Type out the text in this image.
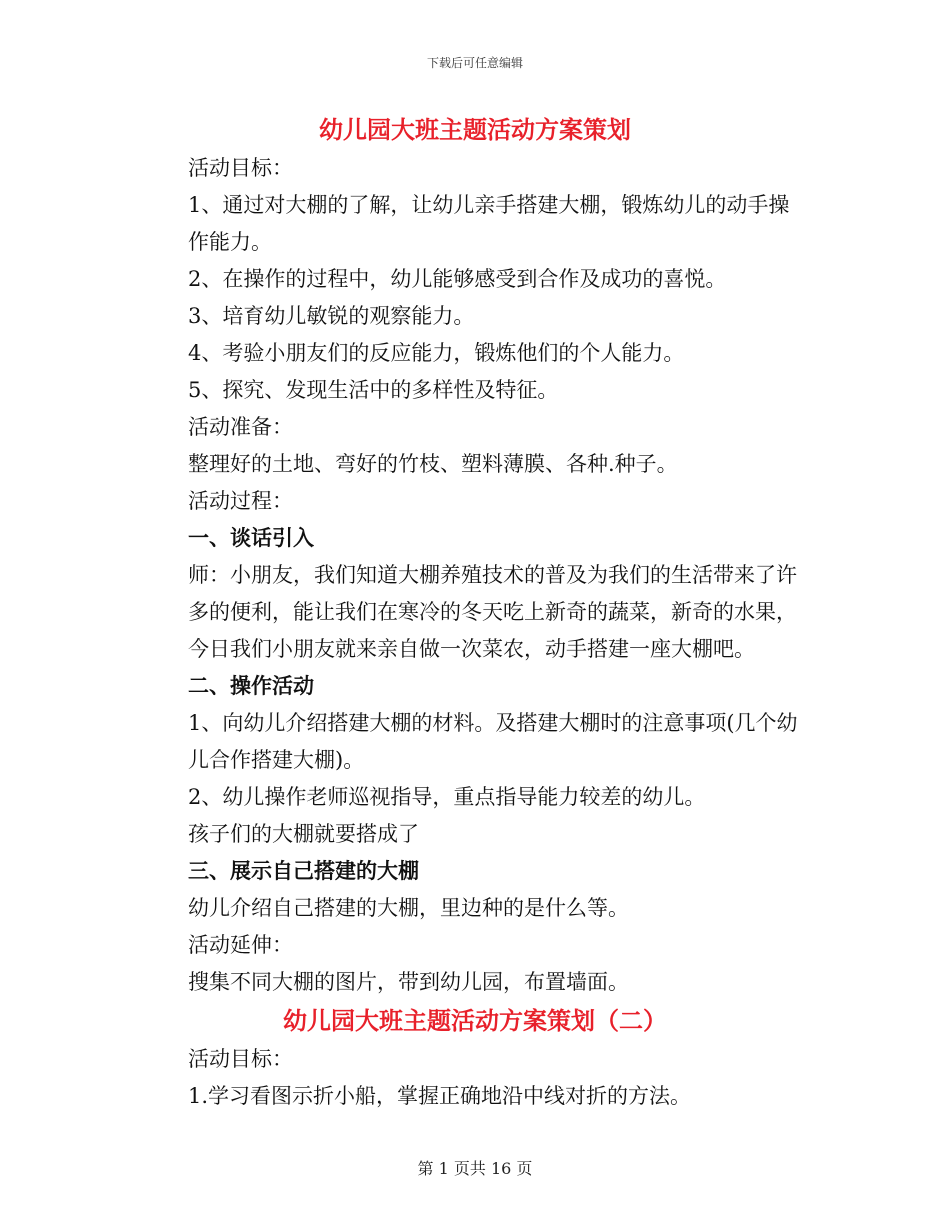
下载后可任意编辑
幼儿园大班主题活动方案策划

活动目标：

1、通过对大棚的了解，让幼儿亲手搭建大棚，锻炼幼儿的动手操作能力。

2、在操作的过程中，幼儿能够感受到合作及成功的喜悦。

3、培育幼儿敏锐的观察能力。

4、考验小朋友们的反应能力，锻炼他们的个人能力。

5、探究、发现生活中的多样性及特征。

活动准备：

整理好的土地、弯好的竹枝、塑料薄膜、各种.种子。

活动过程：

一、谈话引入

师：小朋友，我们知道大棚养殖技术的普及为我们的生活带来了许多的便利，能让我们在寒冷的冬天吃上新奇的蔬菜，新奇的水果，今日我们小朋友就来亲自做一次菜农，动手搭建一座大棚吧。

二、操作活动

1、向幼儿介绍搭建大棚的材料。及搭建大棚时的注意事项(几个幼儿合作搭建大棚)。

2、幼儿操作老师巡视指导，重点指导能力较差的幼儿。

孩子们的大棚就要搭成了

三、展示自己搭建的大棚

幼儿介绍自己搭建的大棚，里边种的是什么等。

活动延伸：

搜集不同大棚的图片，带到幼儿园，布置墙面。

幼儿园大班主题活动方案策划（二）

活动目标：

1.学习看图示折小船，掌握正确地沿中线对折的方法。

第 1 页共 16 页
